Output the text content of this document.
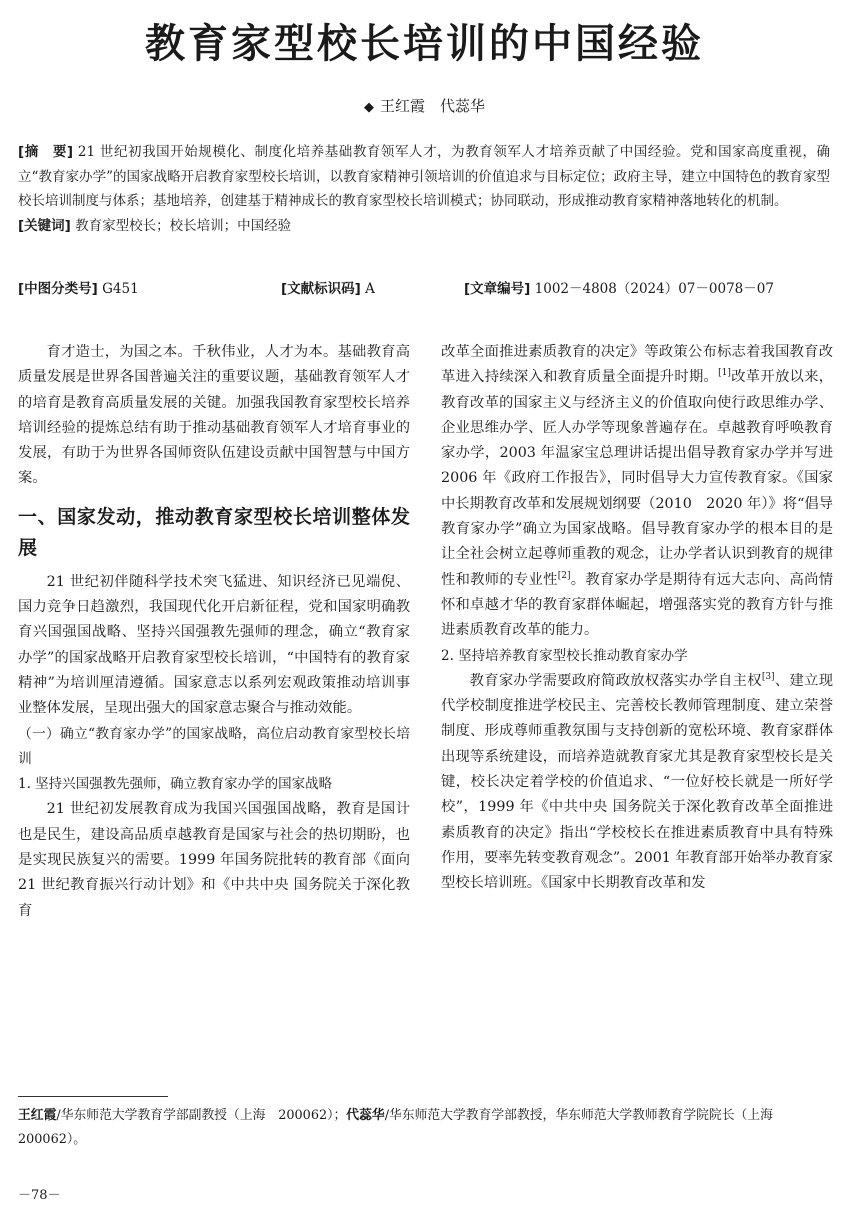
教育家型校长培训的中国经验
◆ 王红霞　代蕊华

[摘　要] 21 世纪初我国开始规模化、制度化培养基础教育领军人才，为教育领军人才培养贡献了中国经验。党和国家高度重视，确立“教育家办学”的国家战略开启教育家型校长培训，以教育家精神引领培训的价值追求与目标定位；政府主导，建立中国特色的教育家型校长培训制度与体系；基地培养，创建基于精神成长的教育家型校长培训模式；协同联动，形成推动教育家精神落地转化的机制。

[关键词] 教育家型校长；校长培训；中国经验

[中图分类号] G451	[文献标识码] A	[文章编号] 1002－4808（2024）07－0078－07

育才造士，为国之本。千秋伟业，人才为本。基础教育高质量发展是世界各国普遍关注的重要议题，基础教育领军人才的培育是教育高质量发展的关键。加强我国教育家型校长培养培训经验的提炼总结有助于推动基础教育领军人才培育事业的发展，有助于为世界各国师资队伍建设贡献中国智慧与中国方案。

一、国家发动，推动教育家型校长培训整体发展

21 世纪初伴随科学技术突飞猛进、知识经济已见端倪、国力竞争日趋激烈，我国现代化开启新征程，党和国家明确教育兴国强国战略、坚持兴国强教先强师的理念，确立“教育家办学”的国家战略开启教育家型校长培训，“中国特有的教育家精神”为培训厘清遵循。国家意志以系列宏观政策推动培训事业整体发展，呈现出强大的国家意志聚合与推动效能。

（一）确立“教育家办学”的国家战略，高位启动教育家型校长培训

1. 坚持兴国强教先强师，确立教育家办学的国家战略

21 世纪初发展教育成为我国兴国强国战略，教育是国计也是民生，建设高品质卓越教育是国家与社会的热切期盼，也是实现民族复兴的需要。1999 年国务院批转的教育部《面向 21 世纪教育振兴行动计划》和《中共中央 国务院关于深化教育

改革全面推进素质教育的决定》等政策公布标志着我国教育改革进入持续深入和教育质量全面提升时期。[1]改革开放以来，教育改革的国家主义与经济主义的价值取向使行政思维办学、企业思维办学、匠人办学等现象普遍存在。卓越教育呼唤教育家办学，2003 年温家宝总理讲话提出倡导教育家办学并写进 2006 年《政府工作报告》，同时倡导大力宣传教育家。《国家中长期教育改革和发展规划纲要（2010　2020 年）》将“倡导教育家办学”确立为国家战略。倡导教育家办学的根本目的是让全社会树立起尊师重教的观念，让办学者认识到教育的规律性和教师的专业性[2]。教育家办学是期待有远大志向、高尚情怀和卓越才华的教育家群体崛起，增强落实党的教育方针与推进素质教育改革的能力。

2. 坚持培养教育家型校长推动教育家办学

教育家办学需要政府简政放权落实办学自主权[3]、建立现代学校制度推进学校民主、完善校长教师管理制度、建立荣誉制度、形成尊师重教氛围与支持创新的宽松环境、教育家群体出现等系统建设，而培养造就教育家尤其是教育家型校长是关键，校长决定着学校的价值追求、“一位好校长就是一所好学校”，1999 年《中共中央 国务院关于深化教育改革全面推进素质教育的决定》指出“学校校长在推进素质教育中具有特殊作用，要率先转变教育观念”。2001 年教育部开始举办教育家型校长培训班。《国家中长期教育改革和发

王红霞/华东师范大学教育学部副教授（上海　200062）；代蕊华/华东师范大学教育学部教授，华东师范大学教师教育学院院长（上海　200062）。
－78－
